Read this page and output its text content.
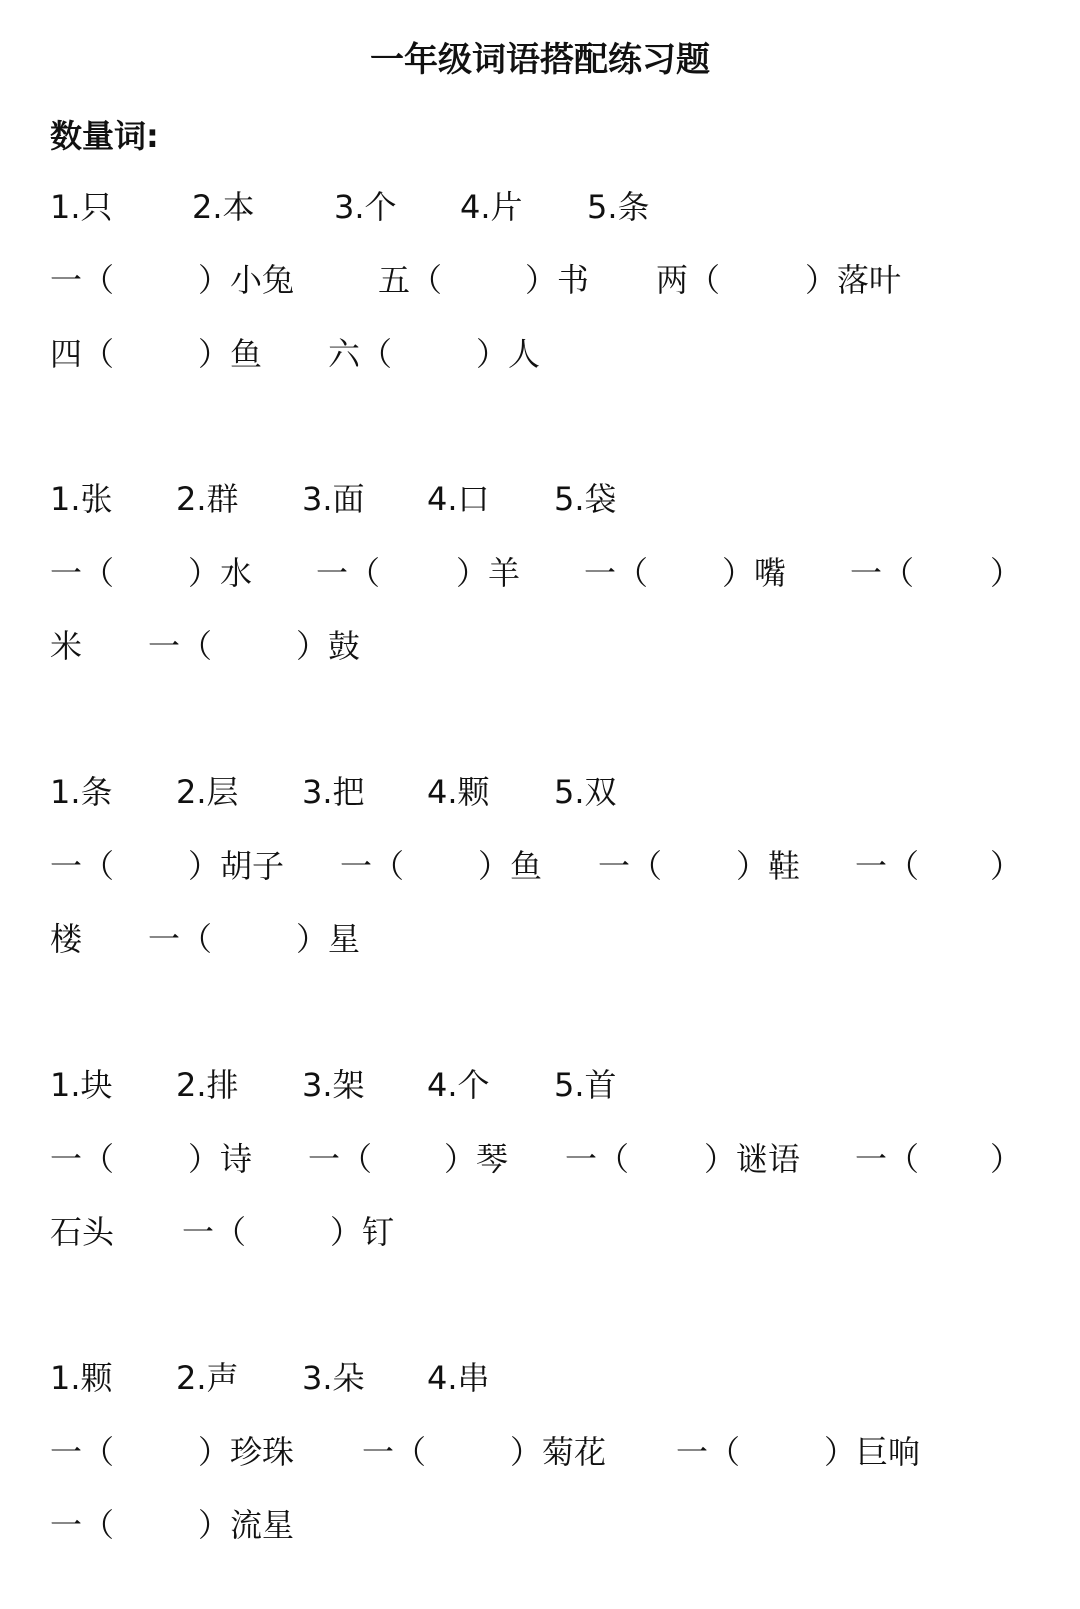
一年级词语搭配练习题
数量词:
1.只 2.本 3.个 4.片 5.条
一（	）小兔	五（	）书 两（	）落叶
四（	）鱼 六（	）人
1.张 2.群 3.面 4.口 5.袋
一（ ）水 一（ ）羊 一（ ）嘴 一（ ）
米 一（	）鼓
1.条 2.层 3.把 4.颗 5.双
一（ ）胡子 一（ ）鱼 一（ ）鞋 一（ ）
楼 一（	）星
1.块 2.排 3.架 4.个 5.首
一（ ）诗 一（ ）琴 一（ ）谜语 一（ ）
石头 一（	）钉
1.颗 2.声 3.朵 4.串
一（	）珍珠 一（	）菊花 一（	）巨响
一（	）流星
